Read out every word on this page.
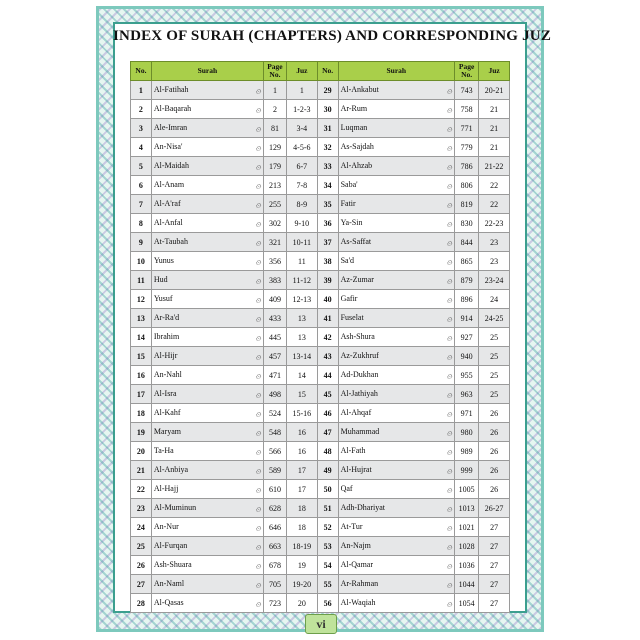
INDEX OF SURAH (CHAPTERS) AND CORRESPONDING JUZ
No.	Surah	Page No.	Juz	No.	Surah	Page No.	Juz
1	Al-Fatihah ۞	1	1	29	Al-Ankabut ۞	743	20-21
2	Al-Baqarah ۞	2	1-2-3	30	Ar-Rum ۞	758	21
3	Ale-Imran ۞	81	3-4	31	Luqman ۞	771	21
4	An-Nisa' ۞	129	4-5-6	32	As-Sajdah ۞	779	21
5	Al-Maidah ۞	179	6-7	33	Al-Ahzab ۞	786	21-22
6	Al-Anam ۞	213	7-8	34	Saba' ۞	806	22
7	Al-A'raf ۞	255	8-9	35	Fatir ۞	819	22
8	Al-Anfal ۞	302	9-10	36	Ya-Sin ۞	830	22-23
9	At-Taubah ۞	321	10-11	37	As-Saffat ۞	844	23
10	Yunus ۞	356	11	38	Sa'd ۞	865	23
11	Hud ۞	383	11-12	39	Az-Zumar ۞	879	23-24
12	Yusuf ۞	409	12-13	40	Gafir ۞	896	24
13	Ar-Ra'd ۞	433	13	41	Fuselat ۞	914	24-25
14	Ibrahim ۞	445	13	42	Ash-Shura ۞	927	25
15	Al-Hijr ۞	457	13-14	43	Az-Zukhruf ۞	940	25
16	An-Nahl ۞	471	14	44	Ad-Dukhan ۞	955	25
17	Al-Isra ۞	498	15	45	Al-Jathiyah ۞	963	25
18	Al-Kahf ۞	524	15-16	46	Al-Ahqaf ۞	971	26
19	Maryam ۞	548	16	47	Muhammad ۞	980	26
20	Ta-Ha ۞	566	16	48	Al-Fath ۞	989	26
21	Al-Anbiya ۞	589	17	49	Al-Hujrat ۞	999	26
22	Al-Hajj ۞	610	17	50	Qaf ۞	1005	26
23	Al-Muminun ۞	628	18	51	Adh-Dhariyat ۞	1013	26-27
24	An-Nur ۞	646	18	52	At-Tur ۞	1021	27
25	Al-Furqan ۞	663	18-19	53	An-Najm ۞	1028	27
26	Ash-Shuara ۞	678	19	54	Al-Qamar ۞	1036	27
27	An-Naml ۞	705	19-20	55	Ar-Rahman ۞	1044	27
28	Al-Qasas ۞	723	20	56	Al-Waqiah ۞	1054	27
vi
